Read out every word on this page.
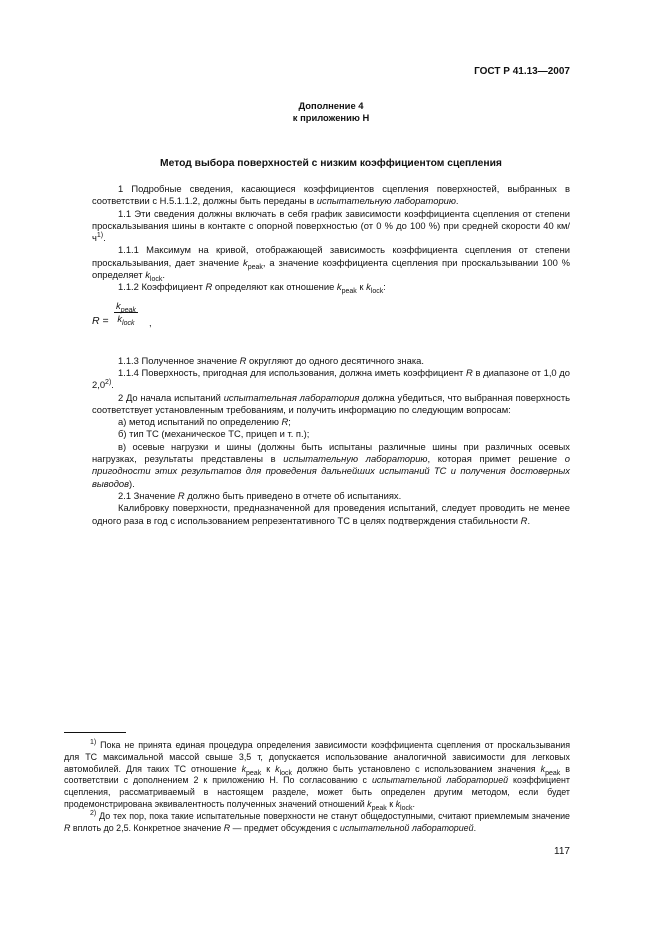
ГОСТ Р 41.13—2007
Дополнение 4
к приложению Н
Метод выбора поверхностей с низким коэффициентом сцепления

1 Подробные сведения, касающиеся коэффициентов сцепления поверхностей, выбранных в соответствии с Н.5.1.1.2, должны быть переданы в испытательную лабораторию.

1.1 Эти сведения должны включать в себя график зависимости коэффициента сцепления от степени проскальзывания шины в контакте с опорной поверхностью (от 0 % до 100 %) при средней скорости 40 $км/ч^{1)}$.

1.1.1 Максимум на кривой, отображающей зависимость коэффициента сцепления от степени проскальзывания, дает значение $k_{peak}$, а значение коэффициента сцепления при проскальзывании 100 % определяет $k_{lock}$.

1.1.2 Коэффициент R определяют как отношение $k_{peak}$ к $k_{lock}$:

R =
$k_{peak}$
$k_{lock}$	,

1.1.3 Полученное значение R округляют до одного десятичного знака.

1.1.4 Поверхность, пригодная для использования, должна иметь коэффициент R в диапазоне от 1,0 до 2,0$^{2)}$.

2 До начала испытаний испытательная лаборатория должна убедиться, что выбранная поверхность соответствует установленным требованиям, и получить информацию по следующим вопросам:

а) метод испытаний по определению R;

б) тип ТС (механическое ТС, прицеп и т. п.);

в) осевые нагрузки и шины (должны быть испытаны различные шины при различных осевых нагрузках, результаты представлены в испытательную лабораторию, которая примет решение о пригодности этих результатов для проведения дальнейших испытаний ТС и получения достоверных выводов).

2.1 Значение R должно быть приведено в отчете об испытаниях.

Калибровку поверхности, предназначенной для проведения испытаний, следует проводить не менее одного раза в год с использованием репрезентативного ТС в целях подтверждения стабильности R.

$^{1)}$ Пока не принята единая процедура определения зависимости коэффициента сцепления от проскальзывания для ТС максимальной массой свыше 3,5 т, допускается использование аналогичной зависимости для легковых автомобилей. Для таких ТС отношение $k_{peak}$ к $k_{lock}$ должно быть установлено с использованием значения $k_{peak}$ в соответствии с дополнением 2 к приложению Н. По согласованию с испытательной лабораторией коэффициент сцепления, рассматриваемый в настоящем разделе, может быть определен другим методом, если будет продемонстрирована эквивалентность полученных значений отношений $k_{peak}$ к $k_{lock}$.

$^{2)}$ До тех пор, пока такие испытательные поверхности не станут общедоступными, считают приемлемым значение R вплоть до 2,5. Конкретное значение R — предмет обсуждения с испытательной лабораторией.

117
